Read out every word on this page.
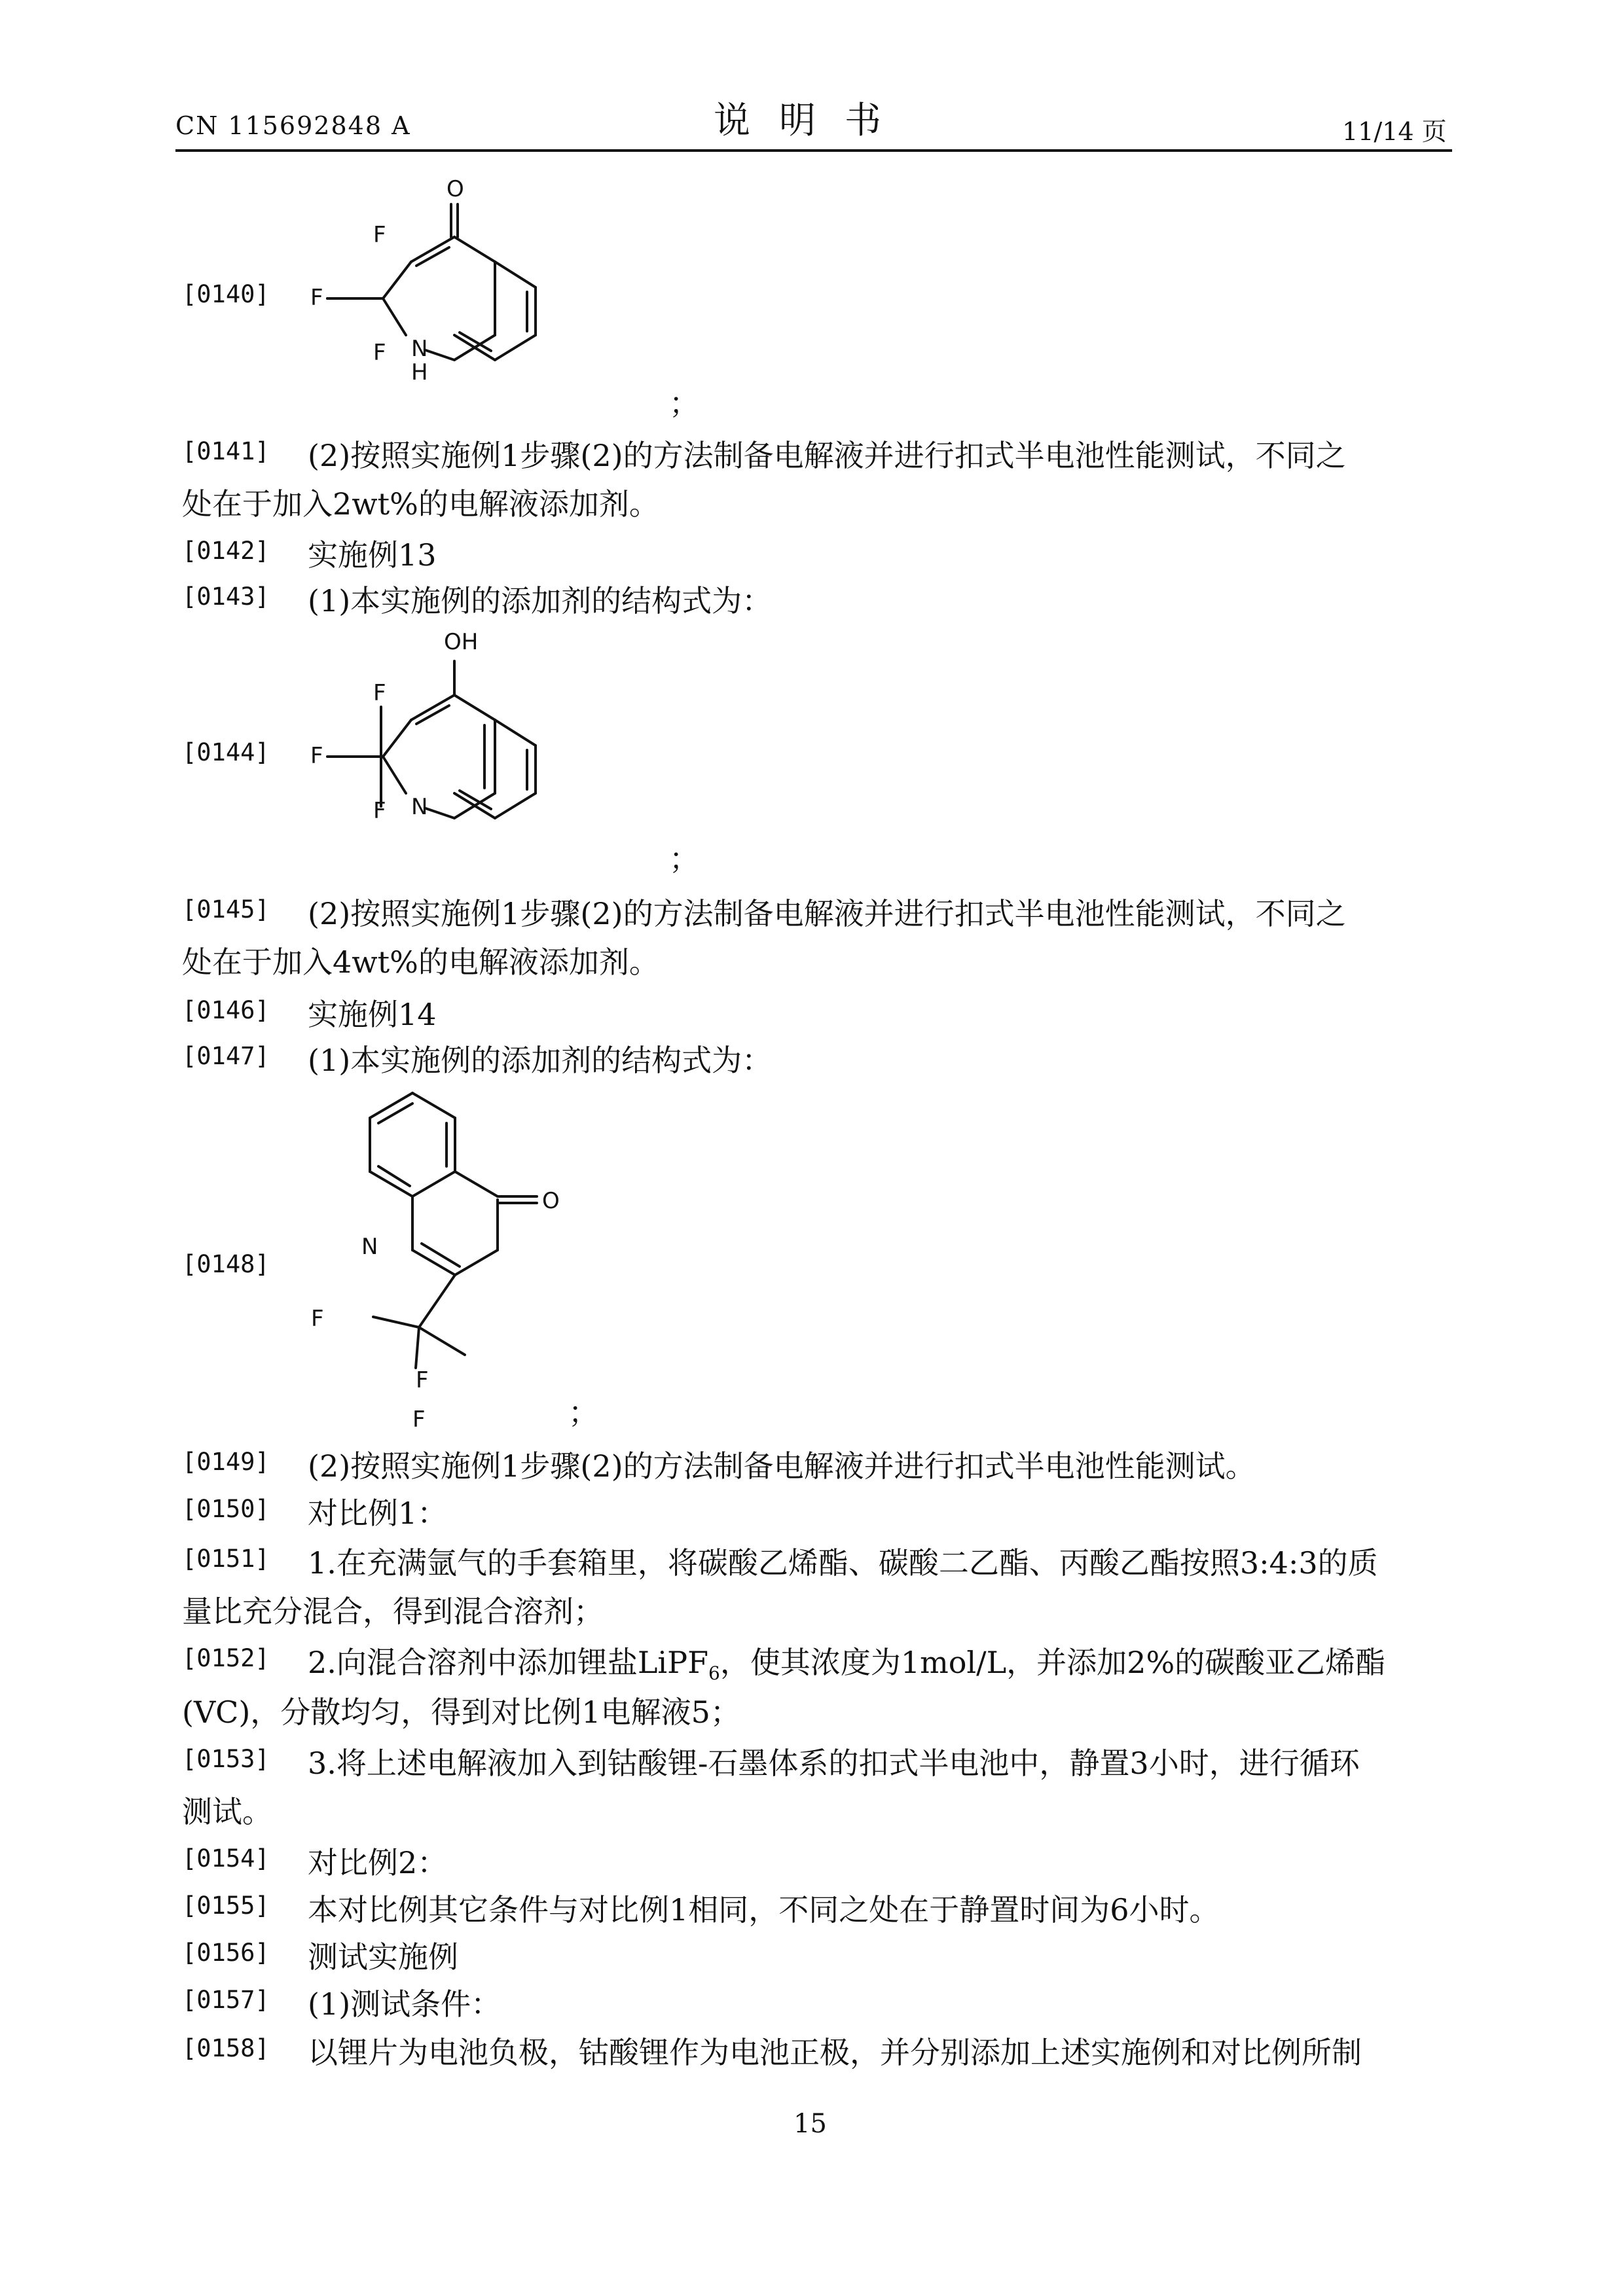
CN 115692848 A	说明书	11/14 页
[0140]
O
F
F
F N
H
；
[0141] (2)按照实施例1步骤(2)的方法制备电解液并进行扣式半电池性能测试，不同之
处在于加入2wt%的电解液添加剂。
[0142] 实施例13
[0143] (1)本实施例的添加剂的结构式为：
[0144]
OH
F
F
F N
；
[0145] (2)按照实施例1步骤(2)的方法制备电解液并进行扣式半电池性能测试，不同之
处在于加入4wt%的电解液添加剂。
[0146] 实施例14
[0147] (1)本实施例的添加剂的结构式为：
[0148]
O
N
F
F
F	；
[0149] (2)按照实施例1步骤(2)的方法制备电解液并进行扣式半电池性能测试。
[0150] 对比例1：
[0151] 1.在充满氩气的手套箱里，将碳酸乙烯酯、碳酸二乙酯、丙酸乙酯按照3:4:3的质
量比充分混合，得到混合溶剂；
[0152] 2.向混合溶剂中添加锂盐LiPF$_6$，使其浓度为1mol/L，并添加2%的碳酸亚乙烯酯
(VC)，分散均匀，得到对比例1电解液5；
[0153] 3.将上述电解液加入到钴酸锂-石墨体系的扣式半电池中，静置3小时，进行循环
测试。
[0154] 对比例2：
[0155] 本对比例其它条件与对比例1相同，不同之处在于静置时间为6小时。
[0156] 测试实施例
[0157] (1)测试条件：
[0158] 以锂片为电池负极，钴酸锂作为电池正极，并分别添加上述实施例和对比例所制
15
